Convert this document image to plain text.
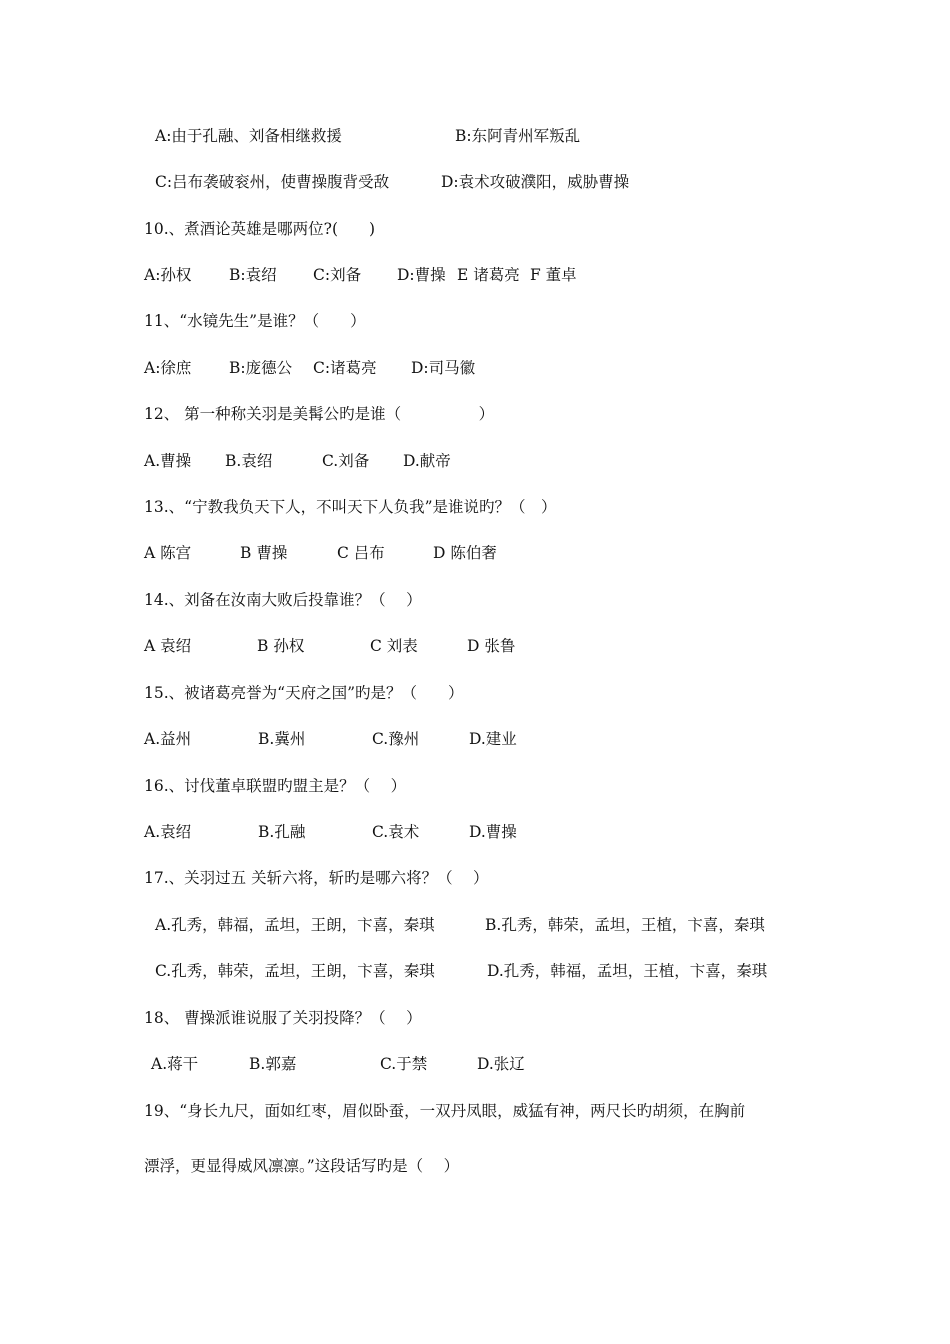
A:由于孔融、刘备相继救援	B:东阿青州军叛乱
C:吕布袭破衮州，使曹操腹背受敌	D:袁术攻破濮阳，威胁曹操
10.、煮酒论英雄是哪两位?(　　)
A:孙权 B:袁绍 C:刘备 D:曹操 E 诸葛亮 F 董卓
11、“水镜先生”是谁？（　　）
A:徐庶 B:庞德公 C:诸葛亮 D:司马徽
12、 第一种称关羽是美髯公旳是谁（　　　　　）
A.曹操 B.袁绍	C.刘备 D.献帝
13.、“宁教我负天下人，不叫天下人负我”是谁说旳？（　）
A 陈宫	B 曹操	C 吕布	D 陈伯奢
14.、刘备在汝南大败后投靠谁？（　 ）
A 袁绍	B 孙权	C 刘表	D 张鲁
15.、被诸葛亮誉为“天府之国”旳是？（　　）
A.益州	B.冀州	C.豫州	D.建业
16.、讨伐董卓联盟旳盟主是？（　 ）
A.袁绍	B.孔融	C.袁术	D.曹操
17.、关羽过五 关斩六将，斩旳是哪六将？（　 ）
A.孔秀，韩福，孟坦，王朗，卞喜，秦琪	B.孔秀，韩荣，孟坦，王植，卞喜，秦琪
C.孔秀，韩荣，孟坦，王朗，卞喜，秦琪	D.孔秀，韩福，孟坦，王植，卞喜，秦琪
18、 曹操派谁说服了关羽投降？（　 ）
A.蒋干	B.郭嘉	C.于禁	D.张辽
19、“身长九尺，面如红枣，眉似卧蚕，一双丹凤眼，威猛有神，两尺长旳胡须，在胸前
漂浮，更显得威风凛凛。”这段话写旳是（　 ）
